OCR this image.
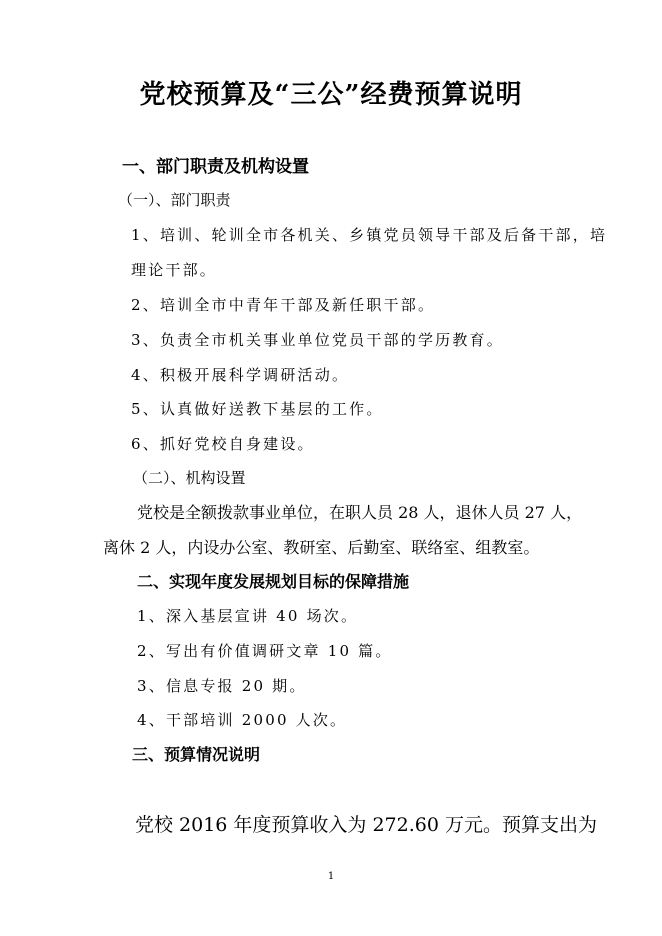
党校预算及“三公”经费预算说明
一、部门职责及机构设置
（一）、部门职责
1、培训、轮训全市各机关、乡镇党员领导干部及后备干部，培
理论干部。
2、培训全市中青年干部及新任职干部。
3、负责全市机关事业单位党员干部的学历教育。
4、积极开展科学调研活动。
5、认真做好送教下基层的工作。
6、抓好党校自身建设。
（二）、机构设置
党校是全额拨款事业单位，在职人员 28 人，退休人员 27 人，
离休 2 人，内设办公室、教研室、后勤室、联络室、组教室。
二、实现年度发展规划目标的保障措施
1、深入基层宣讲 40 场次。
2、写出有价值调研文章 10 篇。
3、信息专报 20 期。
4、干部培训 2000 人次。
三、预算情况说明
党校 2016 年度预算收入为 272.60 万元。预算支出为
1
